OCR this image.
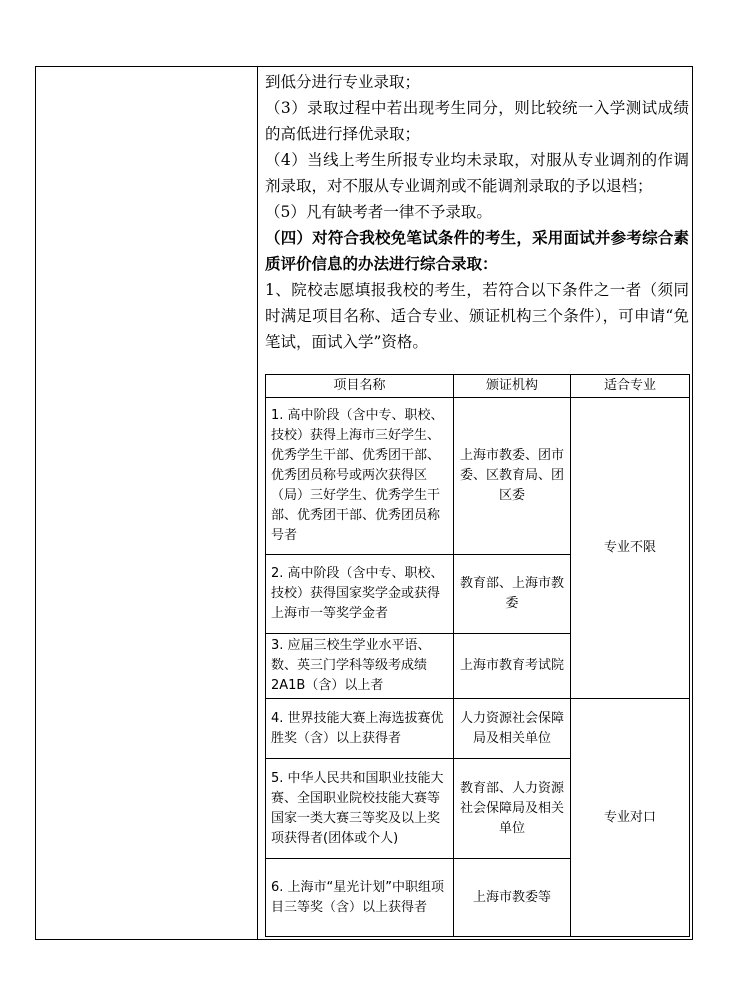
到低分进行专业录取；

（3）录取过程中若出现考生同分，则比较统一入学测试成绩的高低进行择优录取；

（4）当线上考生所报专业均未录取，对服从专业调剂的作调剂录取，对不服从专业调剂或不能调剂录取的予以退档；

（5）凡有缺考者一律不予录取。

（四）对符合我校免笔试条件的考生，采用面试并参考综合素质评价信息的办法进行综合录取：

1、院校志愿填报我校的考生，若符合以下条件之一者（须同时满足项目名称、适合专业、颁证机构三个条件），可申请“免笔试，面试入学”资格。

项目名称	颁证机构	适合专业
1. 高中阶段（含中专、职校、技校）获得上海市三好学生、优秀学生干部、优秀团干部、优秀团员称号或两次获得区（局）三好学生、优秀学生干部、优秀团干部、优秀团员称号者	上海市教委、团市委、区教育局、团区委	专业不限
2. 高中阶段（含中专、职校、技校）获得国家奖学金或获得上海市一等奖学金者	教育部、上海市教委	
3. 应届三校生学业水平语、数、英三门学科等级考成绩2A1B（含）以上者	上海市教育考试院	
4. 世界技能大赛上海选拔赛优胜奖（含）以上获得者	人力资源社会保障局及相关单位	专业对口
5. 中华人民共和国职业技能大赛、全国职业院校技能大赛等国家一类大赛三等奖及以上奖项获得者(团体或个人)	教育部、人力资源社会保障局及相关单位	
6. 上海市“星光计划”中职组项目三等奖（含）以上获得者	上海市教委等	
